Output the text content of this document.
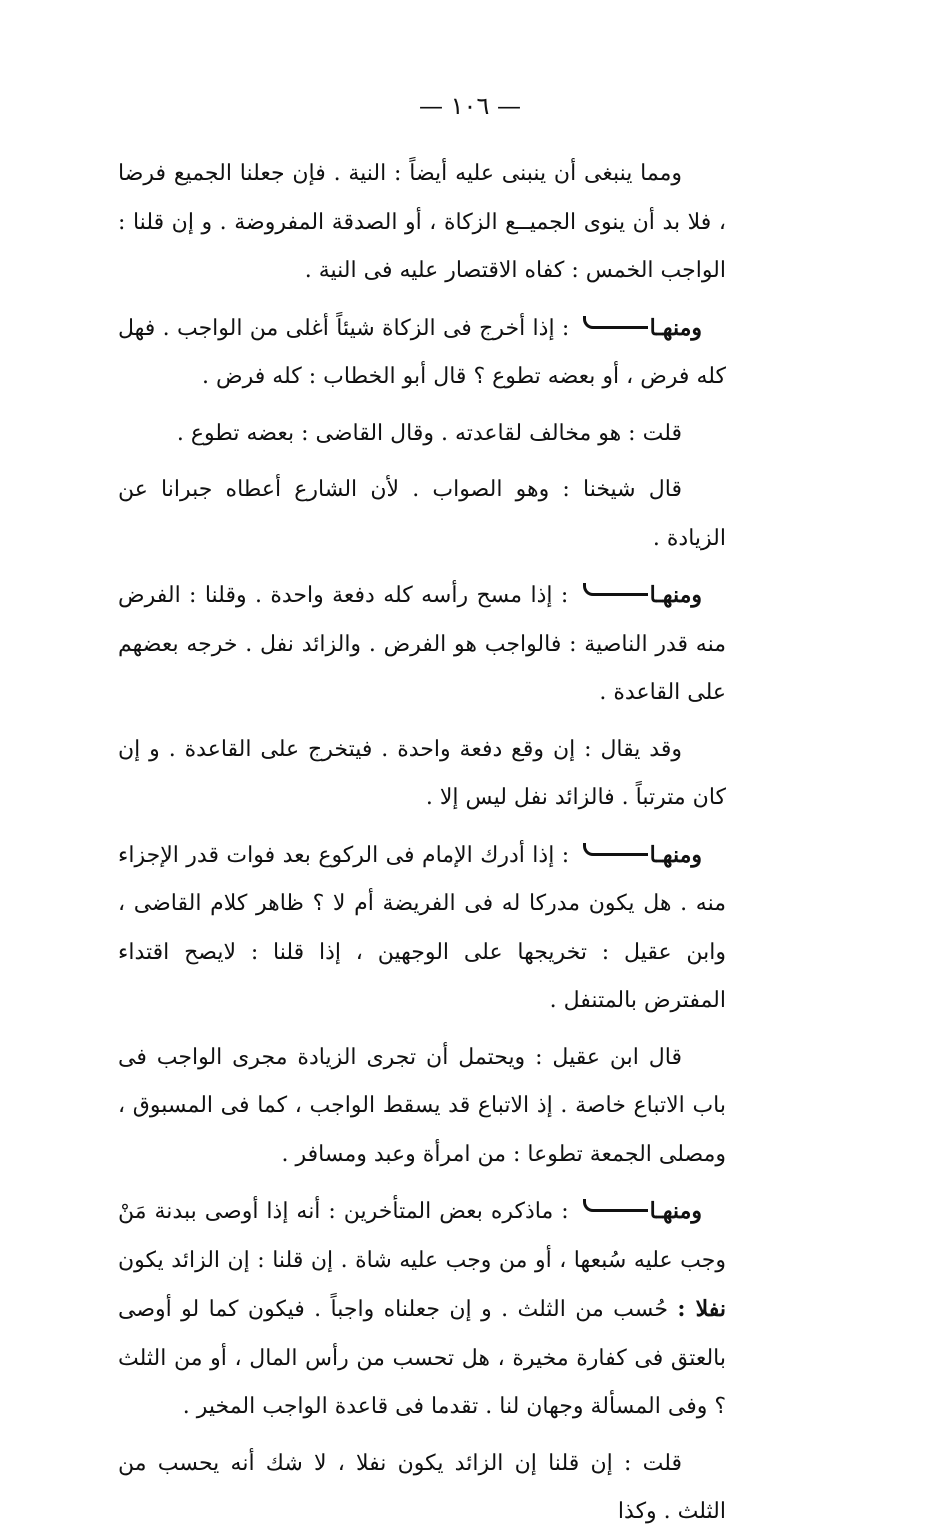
— ١٠٦ —

ومما ينبغى أن ينبنى عليه أيضاً : النية . فإن جعلنا الجميع فرضا ، فلا بد أن ينوى الجميــع الزكاة ، أو الصدقة المفروضة . و إن قلنا : الواجب الخمس : كفاه الاقتصار عليه فى النية .

ومنهـا : إذا أخرج فى الزكاة شيئاً أغلى من الواجب . فهل كله فرض ، أو بعضه تطوع ؟ قال أبو الخطاب : كله فرض .

قلت : هو مخالف لقاعدته . وقال القاضى : بعضه تطوع .

قال شيخنا : وهو الصواب . لأن الشارع أعطاه جبرانا عن الزيادة .

ومنهـا : إذا مسح رأسه كله دفعة واحدة . وقلنا : الفرض منه قدر الناصية : فالواجب هو الفرض . والزائد نفل . خرجه بعضهم على القاعدة .

وقد يقال : إن وقع دفعة واحدة . فيتخرج على القاعدة . و إن كان مترتباً . فالزائد نفل ليس إلا .

ومنهـا : إذا أدرك الإمام فى الركوع بعد فوات قدر الإجزاء منه . هل يكون مدركا له فى الفريضة أم لا ؟ ظاهر كلام القاضى ، وابن عقيل : تخريجها على الوجهين ، إذا قلنا : لايصح اقتداء المفترض بالمتنفل .

قال ابن عقيل : ويحتمل أن تجرى الزيادة مجرى الواجب فى باب الاتباع خاصة . إذ الاتباع قد يسقط الواجب ، كما فى المسبوق ، ومصلى الجمعة تطوعا : من امرأة وعبد ومسافر .

ومنهـا : ماذكره بعض المتأخرين : أنه إذا أوصى ببدنة مَنْ وجب عليه سُبعها ، أو من وجب عليه شاة . إن قلنا : إن الزائد يكون نفلا : حُسب من الثلث . و إن جعلناه واجباً . فيكون كما لو أوصى بالعتق فى كفارة مخيرة ، هل تحسب من رأس المال ، أو من الثلث ؟ وفى المسألة وجهان لنا . تقدما فى قاعدة الواجب المخير .

قلت : إن قلنا إن الزائد يكون نفلا ، لا شك أنه يحسب من الثلث . وكذا
